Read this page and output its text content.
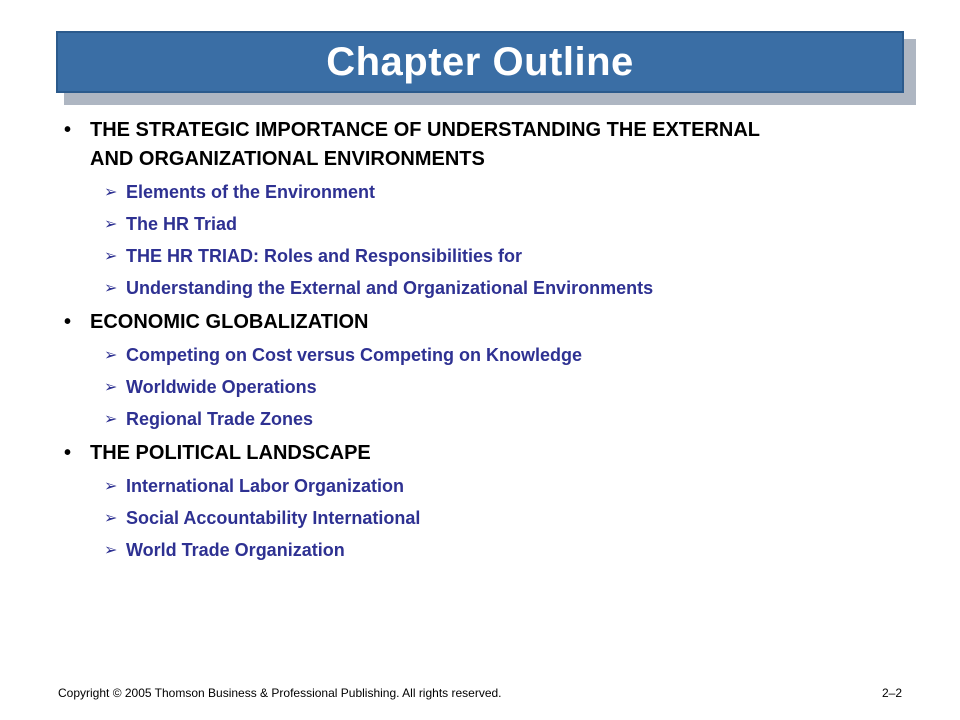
Chapter Outline
•
THE STRATEGIC IMPORTANCE OF UNDERSTANDING THE EXTERNAL AND ORGANIZATIONAL ENVIRONMENTS
➢
Elements of the Environment
➢
The HR Triad
➢
THE HR TRIAD: Roles and Responsibilities for
➢
Understanding the External and Organizational Environments
•
ECONOMIC GLOBALIZATION
➢
Competing on Cost versus Competing on Knowledge
➢
Worldwide Operations
➢
Regional Trade Zones
•
THE POLITICAL LANDSCAPE
➢
International Labor Organization
➢
Social Accountability International
➢
World Trade Organization
Copyright © 2005 Thomson Business & Professional Publishing. All rights reserved.	2–2
